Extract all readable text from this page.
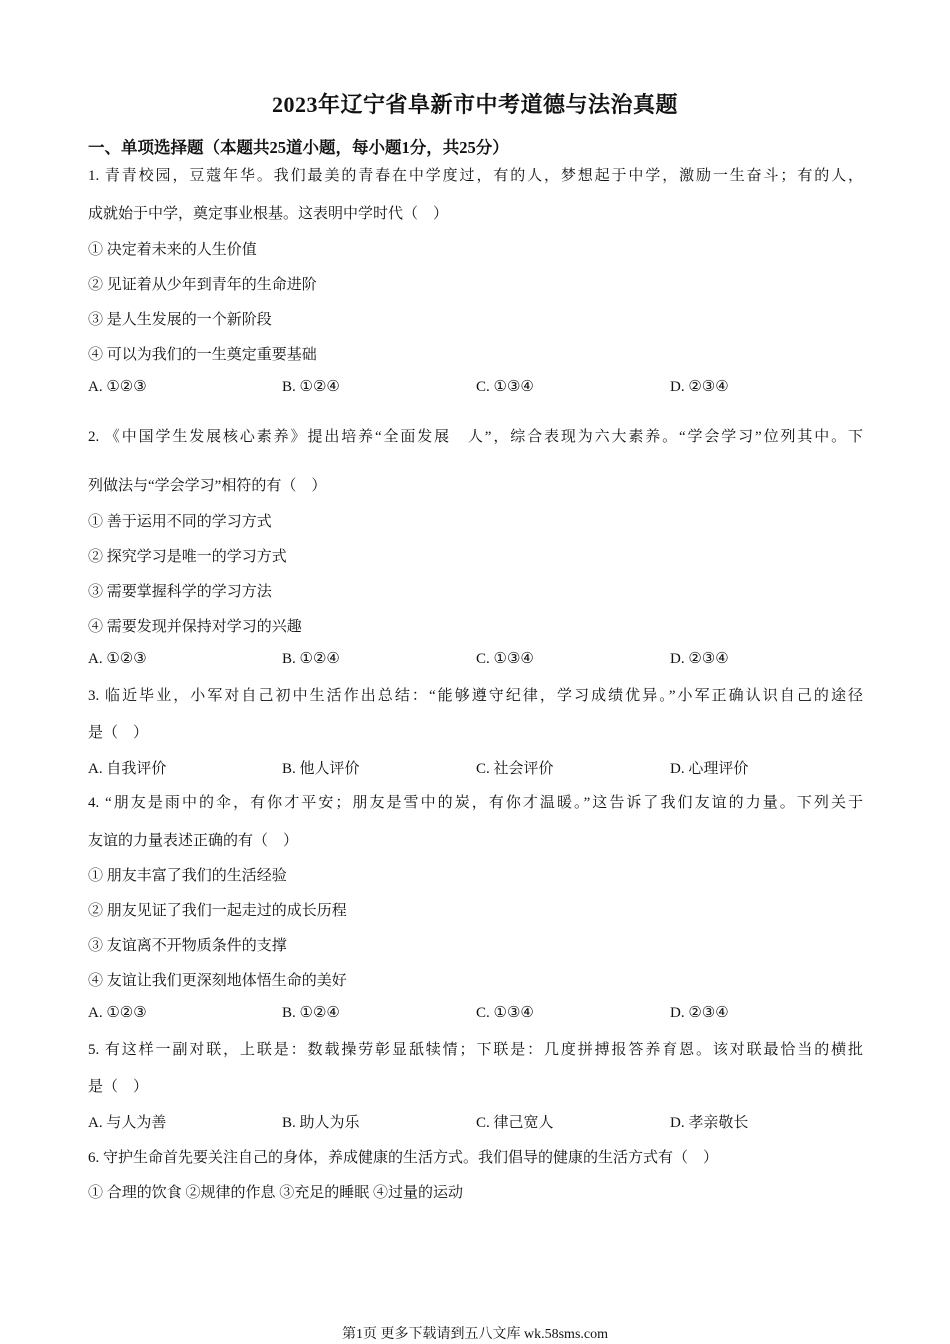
2023年辽宁省阜新市中考道德与法治真题
一、单项选择题（本题共25道小题，每小题1分，共25分）
1. 青青校园，豆蔻年华。我们最美的青春在中学度过，有的人，梦想起于中学，激励一生奋斗；有的人，
成就始于中学，奠定事业根基。这表明中学时代（　）
① 决定着未来的人生价值
② 见证着从少年到青年的生命进阶
③ 是人生发展的一个新阶段
④ 可以为我们的一生奠定重要基础
A. ①②③	B. ①②④	C. ①③④	D. ②③④
2. 《中国学生发展核心素养》提出培养“全面发展　人”，综合表现为六大素养。“学会学习”位列其中。下
列做法与“学会学习”相符的有（　）
① 善于运用不同的学习方式
② 探究学习是唯一的学习方式
③ 需要掌握科学的学习方法
④ 需要发现并保持对学习的兴趣
A. ①②③	B. ①②④	C. ①③④	D. ②③④
3. 临近毕业，小军对自己初中生活作出总结：“能够遵守纪律，学习成绩优异。”小军正确认识自己的途径
是（　）
A. 自我评价	B. 他人评价	C. 社会评价	D. 心理评价
4. “朋友是雨中的伞，有你才平安；朋友是雪中的炭，有你才温暖。”这告诉了我们友谊的力量。下列关于
友谊的力量表述正确的有（　）
① 朋友丰富了我们的生活经验
② 朋友见证了我们一起走过的成长历程
③ 友谊离不开物质条件的支撑
④ 友谊让我们更深刻地体悟生命的美好
A. ①②③	B. ①②④	C. ①③④	D. ②③④
5. 有这样一副对联，上联是：数载操劳彰显舐犊情；下联是：几度拼搏报答养育恩。该对联最恰当的横批
是（　）
A. 与人为善	B. 助人为乐	C. 律己宽人	D. 孝亲敬长
6. 守护生命首先要关注自己的身体，养成健康的生活方式。我们倡导的健康的生活方式有（　）
① 合理的饮食 ②规律的作息 ③充足的睡眠 ④过量的运动
第1页 更多下载请到五八文库 wk.58sms.com
